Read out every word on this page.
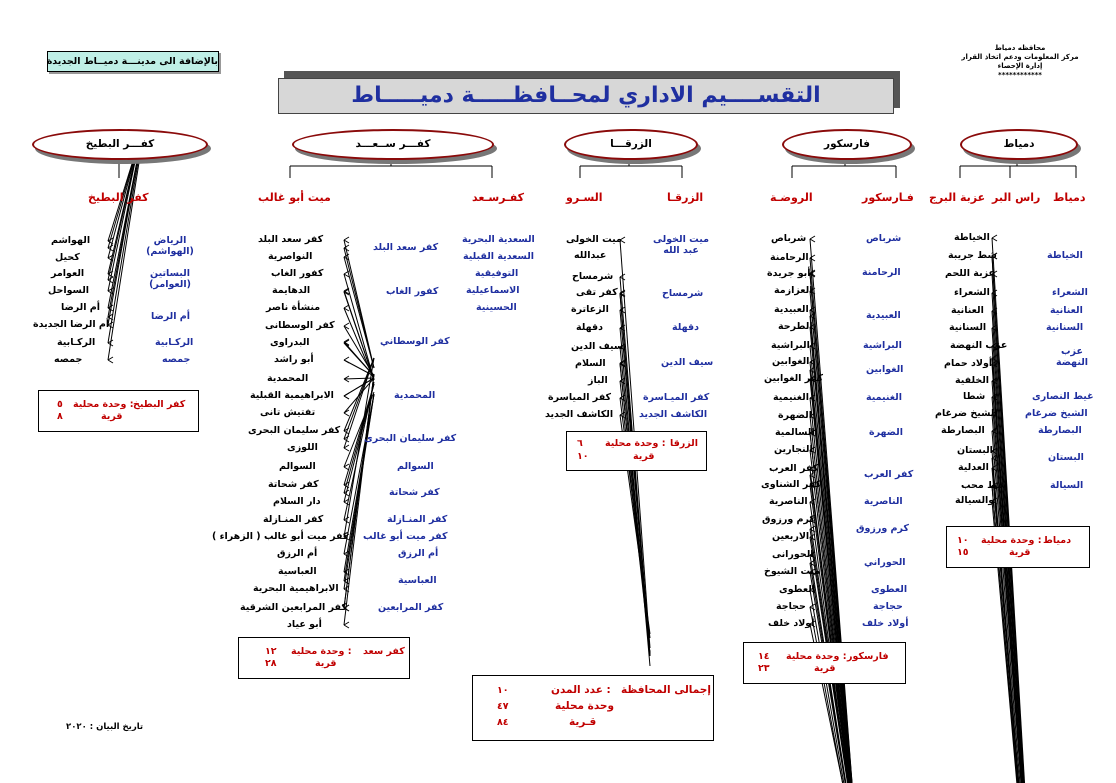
بالإضافة الى مدينـــة دميــاط الجديدة
التقســــيم الاداري لمحــافظـــــة دميـــــاط
محافظه دمياط
مركز المعلومات ودعم اتخاذ القرار
إدارة الإحصاء
************
دمياط
فارسكور
الزرقـــا
كفـــر ســعـــد
كفـــر البطيخ
دمياط
راس البر
عزبة البرج
فـارسكور
الروضـة
الزرقـا
السـرو
كفـرسـعد
ميت أبو غالب
كفر البطيخ
الخياطة
الخياطة
شط جريبة
عزبة اللحم
الشعراء
الشعراء
العنانية
العنانية
السنانية
السنانية
عزب النهضة
عزب النهضة
أولاد حمام
الخلفية
غيط النصارى
شطا
الشيخ ضرغام
الشيخ ضرغام
البصارطة
البصارطة
البستان
البستان
العدلية
السيالة
شط محب
والسيالة
دمياط
: وحدة محلية
١٠
قرية
١٥
شرباص
شرباص
الرحامنة
الرحامنة
أبو جريدة
العزازمة
العبيدية
العبيدية
الطرحة
البراشية
البراشية
الغوابين
الغوابين
كفر الغوابين
الغنيمية
الغنيمية
الضهرة
الضهرة
السالمية
النجارين
كفر العرب
كفر العرب
كفر الشناوى
الناصرية
الناصرية
كرم ورزوق
كرم ورزوق
الاربعين
الحوراني
الحورانى
ميت الشيوخ
العطوى
العطوى
حجاجة
حجاجة
أولاد خلف
أولاد خلف
فارسكور
: وحدة محلية
١٤
قرية
٢٣
ميت الخولى عبد الله
ميت الخولى
عبدالله
شرمساح
شرمساح
كفر تقى
الزعاترة
دقهلة
دقهلة
سيف الدين
سيف الدين
السلام
الباز
كفر الميـاسرة
كفر المياسرة
الكاشف الجديد
الكاشف الجديد
الزرقا
: وحدة محلية
٦
قرية
١٠
السعدية البحرية
السعدية القبلية
التوفيقية
الاسماعيلية
الحسينية
كفر سعد البلد
كفر سعد البلد
النواصرية
كفور الغاب
كفور الغاب
الدهايمة
منشأة ناصر
كفر الوسطاني
كفر الوسطانى
البدراوى
أبو راشد
المحمدية
المحمدية
الابراهيمية القبلية
تفتيش تانى
كفر سليمان البحرى
كفر سليمان البحرى
اللوزى
السوالم
السوالم
كفر شحاتة
كفر شحاتة
دار السلام
كفر المنـازلة
كفر المنـازلة
كفر ميت أبو غالب
كفر ميت أبو غالب ( الزهراء )
أم الرزق
أم الرزق
العباسية
العباسية
الابراهيمية البحرية
كفر المرابعين
كفر المرابعين الشرقية
أبو عياد
كفر سعد
: وحدة محلية
١٢
قرية
٢٨
الرياض (الهواشم)
الهواشم
كحيل
البساتين (العوامر)
العوامر
السواحل
أم الرضا
أم الرضا
أم الرضا الجديدة
الركـابية
الركـابية
جمصه
جمصه
كفر البطيخ
: وحدة محلية
٥
قرية
٨
إجمالى المحافظة
: عدد المدن
١٠
وحدة محلية
٤٧
قـرية
٨٤
تاريخ البيان : ٢٠٢٠
